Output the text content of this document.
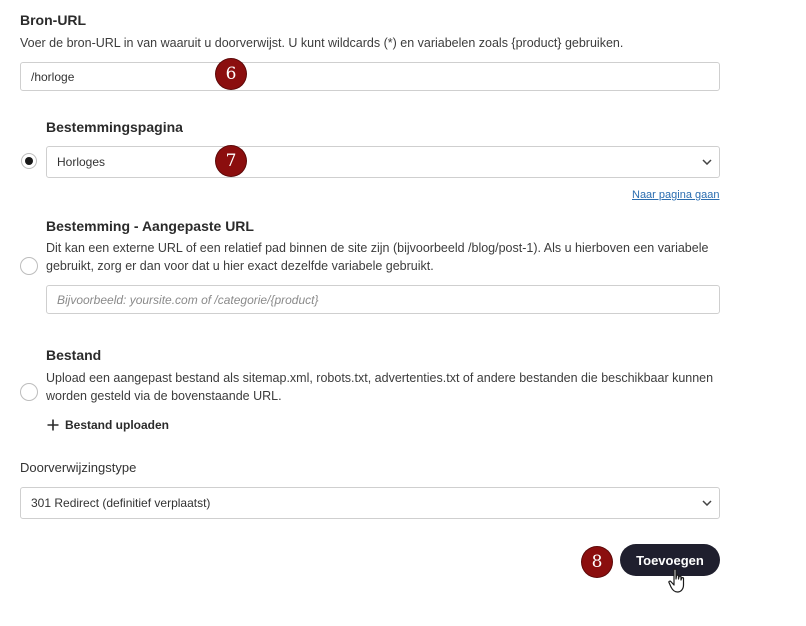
Bron-URL
Voer de bron-URL in van waaruit u doorverwijst. U kunt wildcards (*) en variabelen zoals {product} gebruiken.
/horloge
6
Bestemmingspagina
Horloges	7
Naar pagina gaan
Bestemming - Aangepaste URL
Dit kan een externe URL of een relatief pad binnen de site zijn (bijvoorbeeld /blog/post-1). Als u hierboven een variabele gebruikt, zorg er dan voor dat u hier exact dezelfde variabele gebruikt.
Bijvoorbeeld: yoursite.com of /categorie/{product}
Bestand
Upload een aangepast bestand als sitemap.xml, robots.txt, advertenties.txt of andere bestanden die beschikbaar kunnen worden gesteld via de bovenstaande URL.
Bestand uploaden
Doorverwijzingstype
301 Redirect (definitief verplaatst)
8	Toevoegen
